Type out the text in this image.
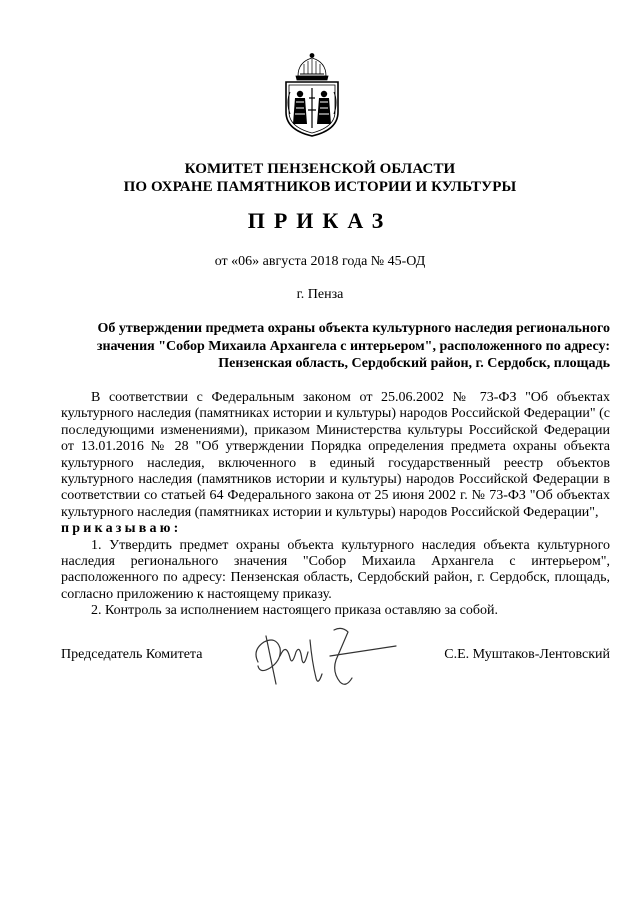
КОМИТЕТ ПЕНЗЕНСКОЙ ОБЛАСТИ
ПО ОХРАНЕ ПАМЯТНИКОВ ИСТОРИИ И КУЛЬТУРЫ
ПРИКАЗ
от «06» августа 2018 года № 45-ОД
г. Пенза
Об утверждении предмета охраны объекта культурного наследия регионального
значения "Собор Михаила Архангела с интерьером", расположенного по адресу:
Пензенская область, Сердобский район, г. Сердобск, площадь

В соответствии с Федеральным законом от 25.06.2002 № 73-ФЗ "Об объектах культурного наследия (памятниках истории и культуры) народов Российской Федерации" (с последующими изменениями), приказом Министерства культуры Российской Федерации от 13.01.2016 № 28 "Об утверждении Порядка определения предмета охраны объекта культурного наследия, включенного в единый государственный реестр объектов культурного наследия (памятников истории и культуры) народов Российской Федерации в соответствии со статьей 64 Федерального закона от 25 июня 2002 г. № 73-ФЗ "Об объектах культурного наследия (памятниках истории и культуры) народов Российской Федерации",

приказываю:

1. Утвердить предмет охраны объекта культурного наследия объекта культурного наследия регионального значения "Собор Михаила Архангела с интерьером", расположенного по адресу: Пензенская область, Сердобский район, г. Сердобск, площадь, согласно приложению к настоящему приказу.

2. Контроль за исполнением настоящего приказа оставляю за собой.

Председатель Комитета	С.Е. Муштаков-Лентовский
